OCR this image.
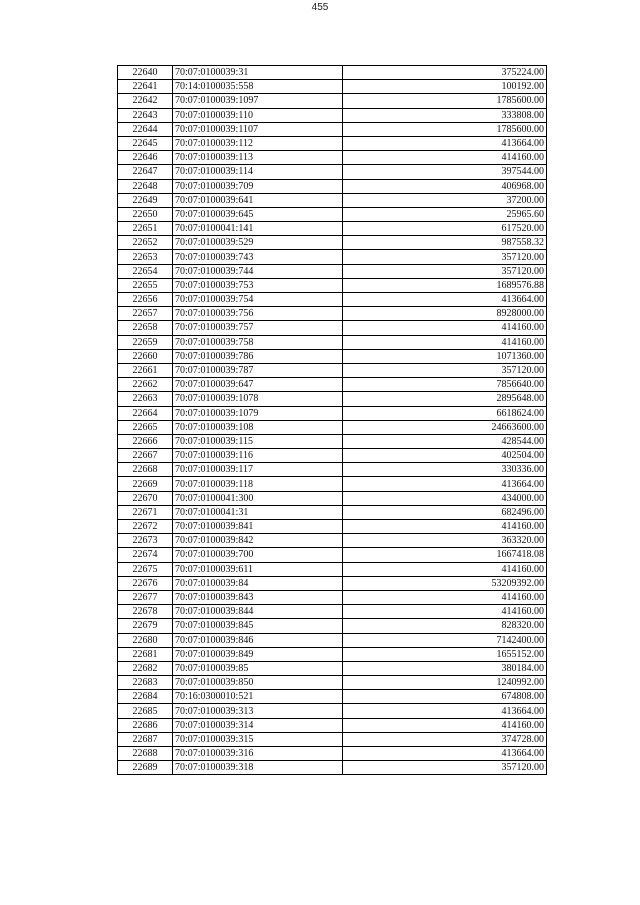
455
22640	70:07:0100039:31	375224.00
22641	70:14:0100035:558	100192.00
22642	70:07:0100039:1097	1785600.00
22643	70:07:0100039:110	333808.00
22644	70:07:0100039:1107	1785600.00
22645	70:07:0100039:112	413664.00
22646	70:07:0100039:113	414160.00
22647	70:07:0100039:114	397544.00
22648	70:07:0100039:709	406968.00
22649	70:07:0100039:641	37200.00
22650	70:07:0100039:645	25965.60
22651	70:07:0100041:141	617520.00
22652	70:07:0100039:529	987558.32
22653	70:07:0100039:743	357120.00
22654	70:07:0100039:744	357120.00
22655	70:07:0100039:753	1689576.88
22656	70:07:0100039:754	413664.00
22657	70:07:0100039:756	8928000.00
22658	70:07:0100039:757	414160.00
22659	70:07:0100039:758	414160.00
22660	70:07:0100039:786	1071360.00
22661	70:07:0100039:787	357120.00
22662	70:07:0100039:647	7856640.00
22663	70:07:0100039:1078	2895648.00
22664	70:07:0100039:1079	6618624.00
22665	70:07:0100039:108	24663600.00
22666	70:07:0100039:115	428544.00
22667	70:07:0100039:116	402504.00
22668	70:07:0100039:117	330336.00
22669	70:07:0100039:118	413664.00
22670	70:07:0100041:300	434000.00
22671	70:07:0100041:31	682496.00
22672	70:07:0100039:841	414160.00
22673	70:07:0100039:842	363320.00
22674	70:07:0100039:700	1667418.08
22675	70:07:0100039:611	414160.00
22676	70:07:0100039:84	53209392.00
22677	70:07:0100039:843	414160.00
22678	70:07:0100039:844	414160.00
22679	70:07:0100039:845	828320.00
22680	70:07:0100039:846	7142400.00
22681	70:07:0100039:849	1655152.00
22682	70:07:0100039:85	380184.00
22683	70:07:0100039:850	1240992.00
22684	70:16:0300010:521	674808.00
22685	70:07:0100039:313	413664.00
22686	70:07:0100039:314	414160.00
22687	70:07:0100039:315	374728.00
22688	70:07:0100039:316	413664.00
22689	70:07:0100039:318	357120.00
